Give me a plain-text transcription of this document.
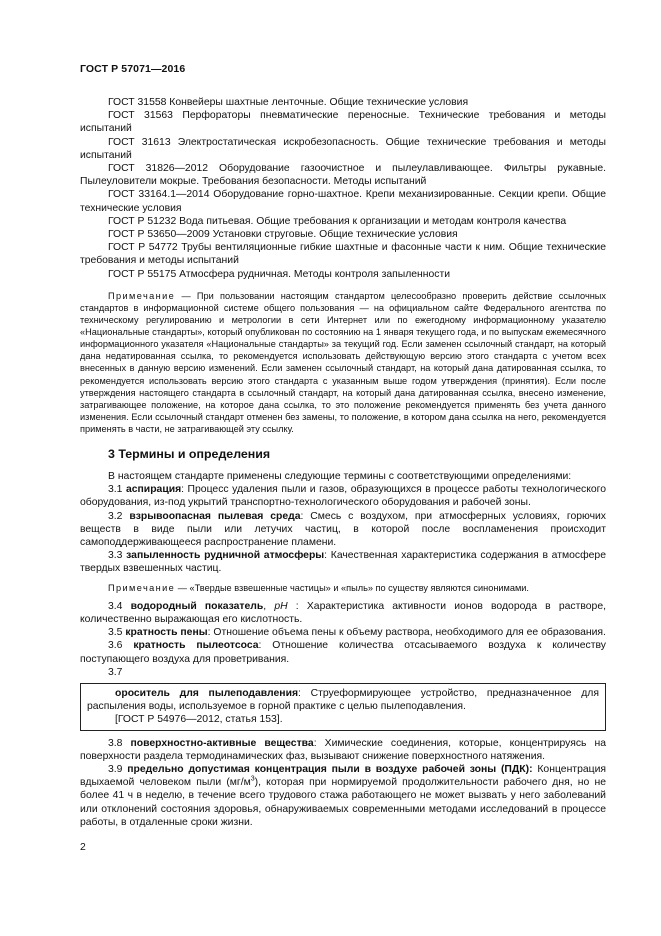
ГОСТ Р 57071—2016

ГОСТ 31558 Конвейеры шахтные ленточные. Общие технические условия

ГОСТ 31563 Перфораторы пневматические переносные. Технические требования и методы испытаний

ГОСТ 31613 Электростатическая искробезопасность. Общие технические требования и методы испытаний

ГОСТ 31826—2012 Оборудование газоочистное и пылеулавливающее. Фильтры рукавные. Пылеуловители мокрые. Требования безопасности. Методы испытаний

ГОСТ 33164.1—2014 Оборудование горно-шахтное. Крепи механизированные. Секции крепи. Общие технические условия

ГОСТ Р 51232 Вода питьевая. Общие требования к организации и методам контроля качества

ГОСТ Р 53650—2009 Установки струговые. Общие технические условия

ГОСТ Р 54772 Трубы вентиляционные гибкие шахтные и фасонные части к ним. Общие технические требования и методы испытаний

ГОСТ Р 55175 Атмосфера рудничная. Методы контроля запыленности

Примечание — При пользовании настоящим стандартом целесообразно проверить действие ссылочных стандартов в информационной системе общего пользования — на официальном сайте Федерального агентства по техническому регулированию и метрологии в сети Интернет или по ежегодному информационному указателю «Национальные стандарты», который опубликован по состоянию на 1 января текущего года, и по выпускам ежемесячного информационного указателя «Национальные стандарты» за текущий год. Если заменен ссылочный стандарт, на который дана недатированная ссылка, то рекомендуется использовать действующую версию этого стандарта с учетом всех внесенных в данную версию изменений. Если заменен ссылочный стандарт, на который дана датированная ссылка, то рекомендуется использовать версию этого стандарта с указанным выше годом утверждения (принятия). Если после утверждения настоящего стандарта в ссылочный стандарт, на который дана датированная ссылка, внесено изменение, затрагивающее положение, на которое дана ссылка, то это положение рекомендуется применять без учета данного изменения. Если ссылочный стандарт отменен без замены, то положение, в котором дана ссылка на него, рекомендуется применять в части, не затрагивающей эту ссылку.

3 Термины и определения

В настоящем стандарте применены следующие термины с соответствующими определениями:

3.1 аспирация: Процесс удаления пыли и газов, образующихся в процессе работы технологического оборудования, из-под укрытий транспортно-технологического оборудования и рабочей зоны.

3.2 взрывоопасная пылевая среда: Смесь с воздухом, при атмосферных условиях, горючих веществ в виде пыли или летучих частиц, в которой после воспламенения происходит самоподдерживающееся распространение пламени.

3.3 запыленность рудничной атмосферы: Качественная характеристика содержания в атмосфере твердых взвешенных частиц.

Примечание — «Твердые взвешенные частицы» и «пыль» по существу являются синонимами.

3.4 водородный показатель, pH : Характеристика активности ионов водорода в растворе, количественно выражающая его кислотность.

3.5 кратность пены: Отношение объема пены к объему раствора, необходимого для ее образования.

3.6 кратность пылеотсоса: Отношение количества отсасываемого воздуха к количеству поступающего воздуха для проветривания.

3.7

ороситель для пылеподавления: Струеформирующее устройство, предназначенное для распыления воды, используемое в горной практике с целью пылеподавления.

[ГОСТ Р 54976—2012, статья 153].

3.8 поверхностно-активные вещества: Химические соединения, которые, концентрируясь на поверхности раздела термодинамических фаз, вызывают снижение поверхностного натяжения.

3.9 предельно допустимая концентрация пыли в воздухе рабочей зоны (ПДК): Концентрация вдыхаемой человеком пыли $(мг/м^3)$, которая при нормируемой продолжительности рабочего дня, но не более 41 ч в неделю, в течение всего трудового стажа работающего не может вызвать у него заболеваний или отклонений состояния здоровья, обнаруживаемых современными методами исследований в процессе работы, в отдаленные сроки жизни.

2
